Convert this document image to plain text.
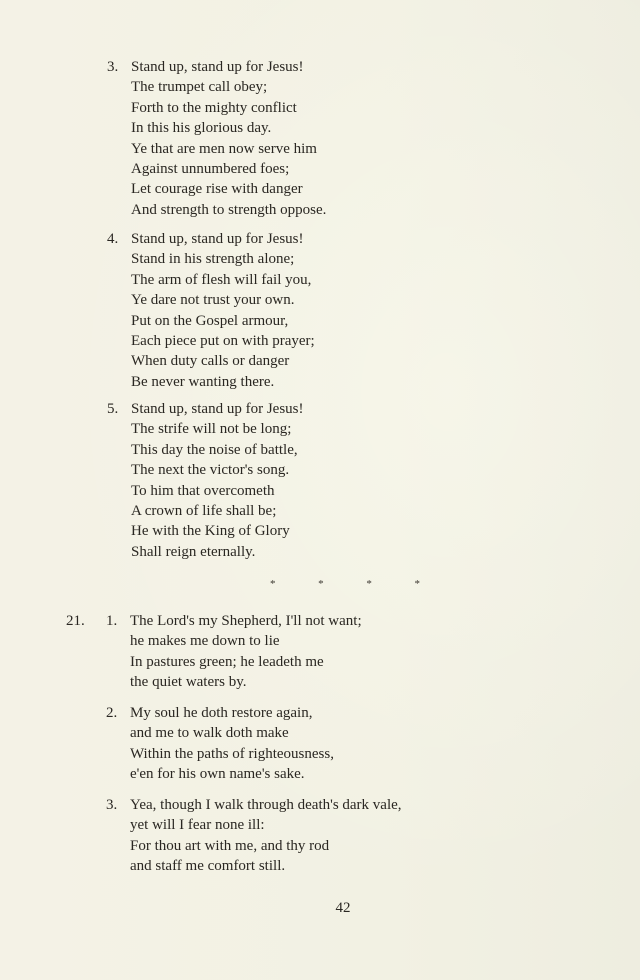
3. Stand up, stand up for Jesus!
The trumpet call obey;
Forth to the mighty conflict
In this his glorious day.
Ye that are men now serve him
Against unnumbered foes;
Let courage rise with danger
And strength to strength oppose.
4. Stand up, stand up for Jesus!
Stand in his strength alone;
The arm of flesh will fail you,
Ye dare not trust your own.
Put on the Gospel armour,
Each piece put on with prayer;
When duty calls or danger
Be never wanting there.
5. Stand up, stand up for Jesus!
The strife will not be long;
This day the noise of battle,
The next the victor's song.
To him that overcometh
A crown of life shall be;
He with the King of Glory
Shall reign eternally.
*	*	*	*
21. 1. The Lord's my Shepherd, I'll not want;
he makes me down to lie
In pastures green; he leadeth me
the quiet waters by.
2. My soul he doth restore again,
and me to walk doth make
Within the paths of righteousness,
e'en for his own name's sake.
3. Yea, though I walk through death's dark vale,
yet will I fear none ill:
For thou art with me, and thy rod
and staff me comfort still.
42
